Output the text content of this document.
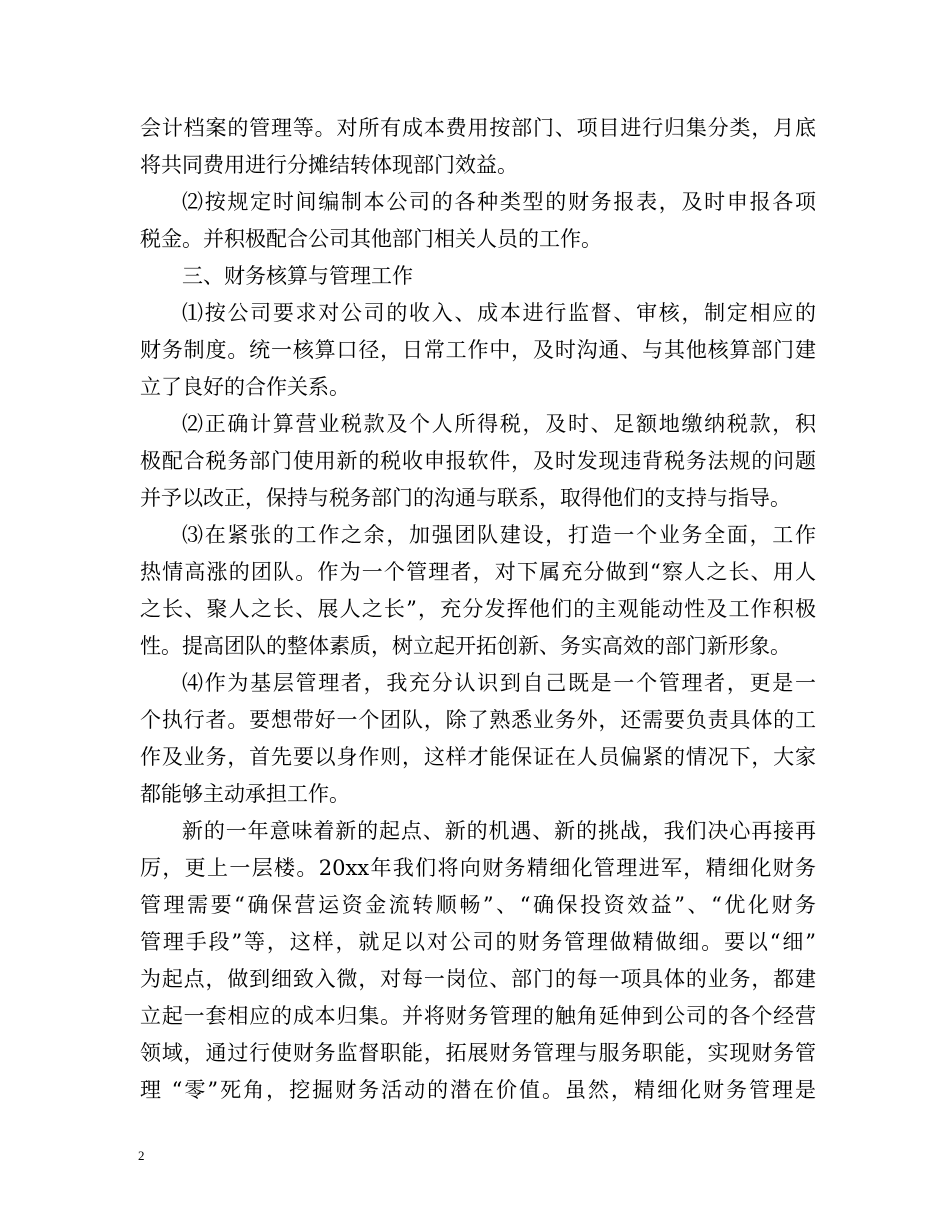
会计档案的管理等。对所有成本费用按部门、项目进行归集分类，月底
将共同费用进行分摊结转体现部门效益。
⑵按规定时间编制本公司的各种类型的财务报表，及时申报各项
税金。并积极配合公司其他部门相关人员的工作。
三、财务核算与管理工作
⑴按公司要求对公司的收入、成本进行监督、审核，制定相应的
财务制度。统一核算口径，日常工作中，及时沟通、与其他核算部门建
立了良好的合作关系。
⑵正确计算营业税款及个人所得税，及时、足额地缴纳税款，积
极配合税务部门使用新的税收申报软件，及时发现违背税务法规的问题
并予以改正，保持与税务部门的沟通与联系，取得他们的支持与指导。
⑶在紧张的工作之余，加强团队建设，打造一个业务全面，工作
热情高涨的团队。作为一个管理者，对下属充分做到“察人之长、用人
之长、聚人之长、展人之长”，充分发挥他们的主观能动性及工作积极
性。提高团队的整体素质，树立起开拓创新、务实高效的部门新形象。
⑷作为基层管理者，我充分认识到自己既是一个管理者，更是一
个执行者。要想带好一个团队，除了熟悉业务外，还需要负责具体的工
作及业务，首先要以身作则，这样才能保证在人员偏紧的情况下，大家
都能够主动承担工作。
新的一年意味着新的起点、新的机遇、新的挑战，我们决心再接再
厉，更上一层楼。20xx年我们将向财务精细化管理进军，精细化财务
管理需要“确保营运资金流转顺畅”、“确保投资效益”、“优化财务
管理手段”等，这样，就足以对公司的财务管理做精做细。要以“细”
为起点，做到细致入微，对每一岗位、部门的每一项具体的业务，都建
立起一套相应的成本归集。并将财务管理的触角延伸到公司的各个经营
领域，通过行使财务监督职能，拓展财务管理与服务职能，实现财务管
理 “零”死角，挖掘财务活动的潜在价值。虽然，精细化财务管理是
2
